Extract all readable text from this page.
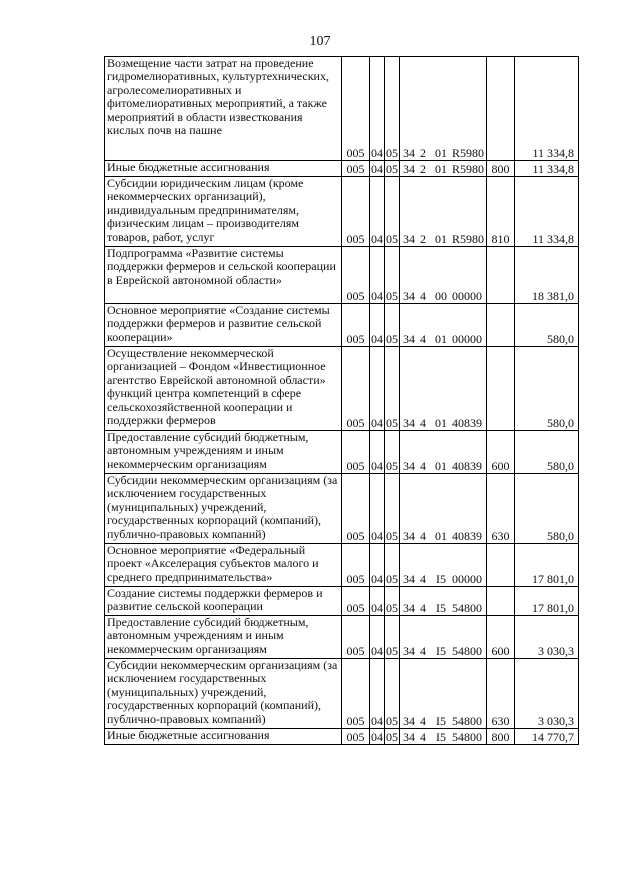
107
Возмещение части затрат на проведение гидромелиоративных, культуртехнических, агролесомелиоративных и фитомелиоративных мероприятий, а также мероприятий в области известкования кислых почв на пашне	005	04	05	34 2 01 R5980		11 334,8
Иные бюджетные ассигнования	005	04	05	34 2 01 R5980	800	11 334,8
Субсидии юридическим лицам (кроме некоммерческих организаций), индивидуальным предпринимателям, физическим лицам – производителям товаров, работ, услуг	005	04	05	34 2 01 R5980	810	11 334,8
Подпрограмма «Развитие системы поддержки фермеров и сельской кооперации в Еврейской автономной области»	005	04	05	34 4 00 00000		18 381,0
Основное мероприятие «Создание системы поддержки фермеров и развитие сельской кооперации»	005	04	05	34 4 01 00000		580,0
Осуществление некоммерческой организацией – Фондом «Инвестиционное агентство Еврейской автономной области» функций центра компетенций в сфере сельскохозяйственной кооперации и поддержки фермеров	005	04	05	34 4 01 40839		580,0
Предоставление субсидий бюджетным, автономным учреждениям и иным некоммерческим организациям	005	04	05	34 4 01 40839	600	580,0
Субсидии некоммерческим организациям (за исключением государственных (муниципальных) учреждений, государственных корпораций (компаний), публично-правовых компаний)	005	04	05	34 4 01 40839	630	580,0
Основное мероприятие «Федеральный проект «Акселерация субъектов малого и среднего предпринимательства»	005	04	05	34 4 I5 00000		17 801,0
Создание системы поддержки фермеров и развитие сельской кооперации	005	04	05	34 4 I5 54800		17 801,0
Предоставление субсидий бюджетным, автономным учреждениям и иным некоммерческим организациям	005	04	05	34 4 I5 54800	600	3 030,3
Субсидии некоммерческим организациям (за исключением государственных (муниципальных) учреждений, государственных корпораций (компаний), публично-правовых компаний)	005	04	05	34 4 I5 54800	630	3 030,3
Иные бюджетные ассигнования	005	04	05	34 4 I5 54800	800	14 770,7
